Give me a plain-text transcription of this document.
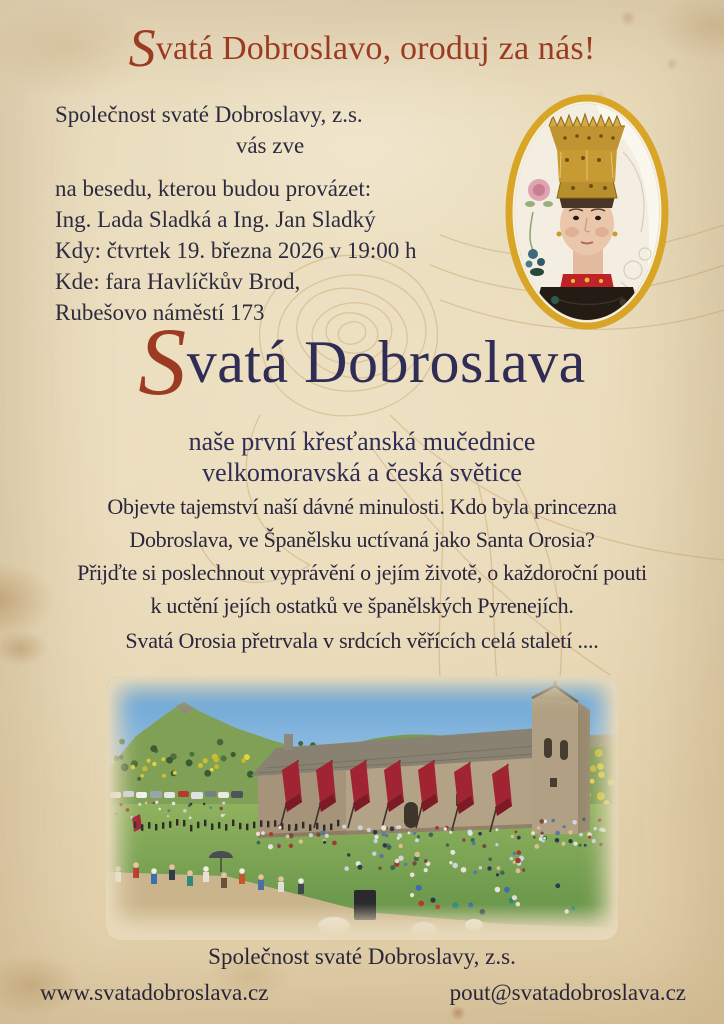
Svatá Dobroslavo, oroduj za nás!
Společnost svaté Dobroslavy, z.s.
vás zve
na besedu, kterou budou provázet:
Ing. Lada Sladká a Ing. Jan Sladký
Kdy: čtvrtek 19. března 2026 v 19:00 h
Kde: fara Havlíčkův Brod,
Rubešovo náměstí 173
Svatá Dobroslava
naše první křesťanská mučednice
velkomoravská a česká světice
Objevte tajemství naší dávné minulosti. Kdo byla princezna
Dobroslava, ve Španělsku uctívaná jako Santa Orosia?
Přijďte si poslechnout vyprávění o jejím životě, o každoroční pouti
k uctění jejích ostatků ve španělských Pyrenejích.
Svatá Orosia přetrvala v srdcích věřících celá staletí ....
Společnost svaté Dobroslavy, z.s.
www.svatadobroslava.cz	pout@svatadobroslava.cz
